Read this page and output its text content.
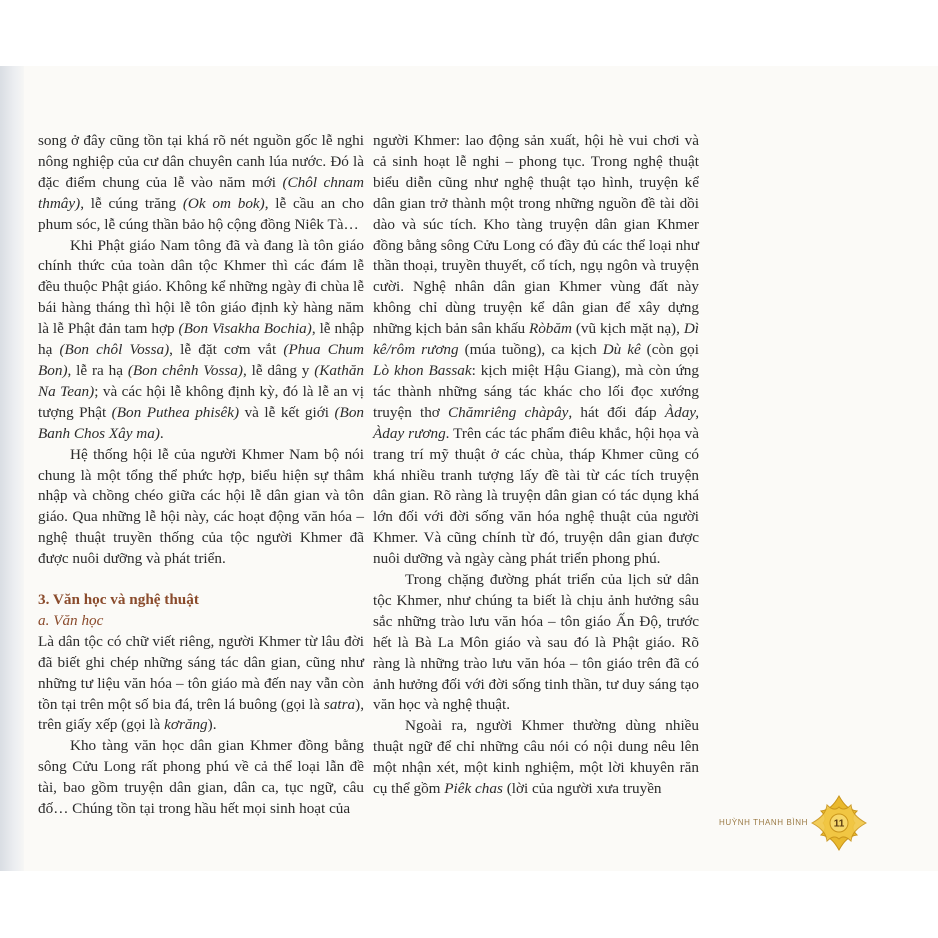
song ở đây cũng tồn tại khá rõ nét nguồn gốc lễ nghi nông nghiệp của cư dân chuyên canh lúa nước. Đó là đặc điểm chung của lễ vào năm mới (Chôl chnam thmây), lễ cúng trăng (Ok om bok), lễ cầu an cho phum sóc, lễ cúng thần bảo hộ cộng đồng Niêk Tà…

Khi Phật giáo Nam tông đã và đang là tôn giáo chính thức của toàn dân tộc Khmer thì các đám lễ đều thuộc Phật giáo. Không kể những ngày đi chùa lễ bái hàng tháng thì hội lễ tôn giáo định kỳ hàng năm là lễ Phật đản tam hợp (Bon Visakha Bochia), lễ nhập hạ (Bon chôl Vossa), lễ đặt cơm vắt (Phua Chum Bon), lễ ra hạ (Bon chênh Vossa), lễ dâng y (Kathăn Na Tean); và các hội lễ không định kỳ, đó là lễ an vị tượng Phật (Bon Puthea phisêk) và lễ kết giới (Bon Banh Chos Xây ma).

Hệ thống hội lễ của người Khmer Nam bộ nói chung là một tổng thể phức hợp, biểu hiện sự thâm nhập và chồng chéo giữa các hội lễ dân gian và tôn giáo. Qua những lễ hội này, các hoạt động văn hóa – nghệ thuật truyền thống của tộc người Khmer đã được nuôi dưỡng và phát triển.

3. Văn học và nghệ thuật

a. Văn học

Là dân tộc có chữ viết riêng, người Khmer từ lâu đời đã biết ghi chép những sáng tác dân gian, cũng như những tư liệu văn hóa – tôn giáo mà đến nay vẫn còn tồn tại trên một số bia đá, trên lá buông (gọi là satra), trên giấy xếp (gọi là kơrăng).

Kho tàng văn học dân gian Khmer đồng bằng sông Cửu Long rất phong phú về cả thể loại lẫn đề tài, bao gồm truyện dân gian, dân ca, tục ngữ, câu đố… Chúng tồn tại trong hầu hết mọi sinh hoạt của

người Khmer: lao động sản xuất, hội hè vui chơi và cả sinh hoạt lễ nghi – phong tục. Trong nghệ thuật biểu diễn cũng như nghệ thuật tạo hình, truyện kể dân gian trở thành một trong những nguồn đề tài dồi dào và súc tích. Kho tàng truyện dân gian Khmer đồng bằng sông Cửu Long có đầy đủ các thể loại như thần thoại, truyền thuyết, cổ tích, ngụ ngôn và truyện cười. Nghệ nhân dân gian Khmer vùng đất này không chỉ dùng truyện kể dân gian để xây dựng những kịch bản sân khấu Ròbăm (vũ kịch mặt nạ), Dì kê/rôm rương (múa tuồng), ca kịch Dù kê (còn gọi Lò khon Bassak: kịch miệt Hậu Giang), mà còn ứng tác thành những sáng tác khác cho lối đọc xướng truyện thơ Chămriêng chàpây, hát đối đáp Àday, Àday rương. Trên các tác phẩm điêu khắc, hội họa và trang trí mỹ thuật ở các chùa, tháp Khmer cũng có khá nhiều tranh tượng lấy đề tài từ các tích truyện dân gian. Rõ ràng là truyện dân gian có tác dụng khá lớn đối với đời sống văn hóa nghệ thuật của người Khmer. Và cũng chính từ đó, truyện dân gian được nuôi dưỡng và ngày càng phát triển phong phú.

Trong chặng đường phát triển của lịch sử dân tộc Khmer, như chúng ta biết là chịu ảnh hưởng sâu sắc những trào lưu văn hóa – tôn giáo Ấn Độ, trước hết là Bà La Môn giáo và sau đó là Phật giáo. Rõ ràng là những trào lưu văn hóa – tôn giáo trên đã có ảnh hưởng đối với đời sống tinh thần, tư duy sáng tạo văn học và nghệ thuật.

Ngoài ra, người Khmer thường dùng nhiều thuật ngữ để chỉ những câu nói có nội dung nêu lên một nhận xét, một kinh nghiệm, một lời khuyên răn cụ thể gồm Piêk chas (lời của người xưa truyền

HUỲNH THANH BÌNH	11
